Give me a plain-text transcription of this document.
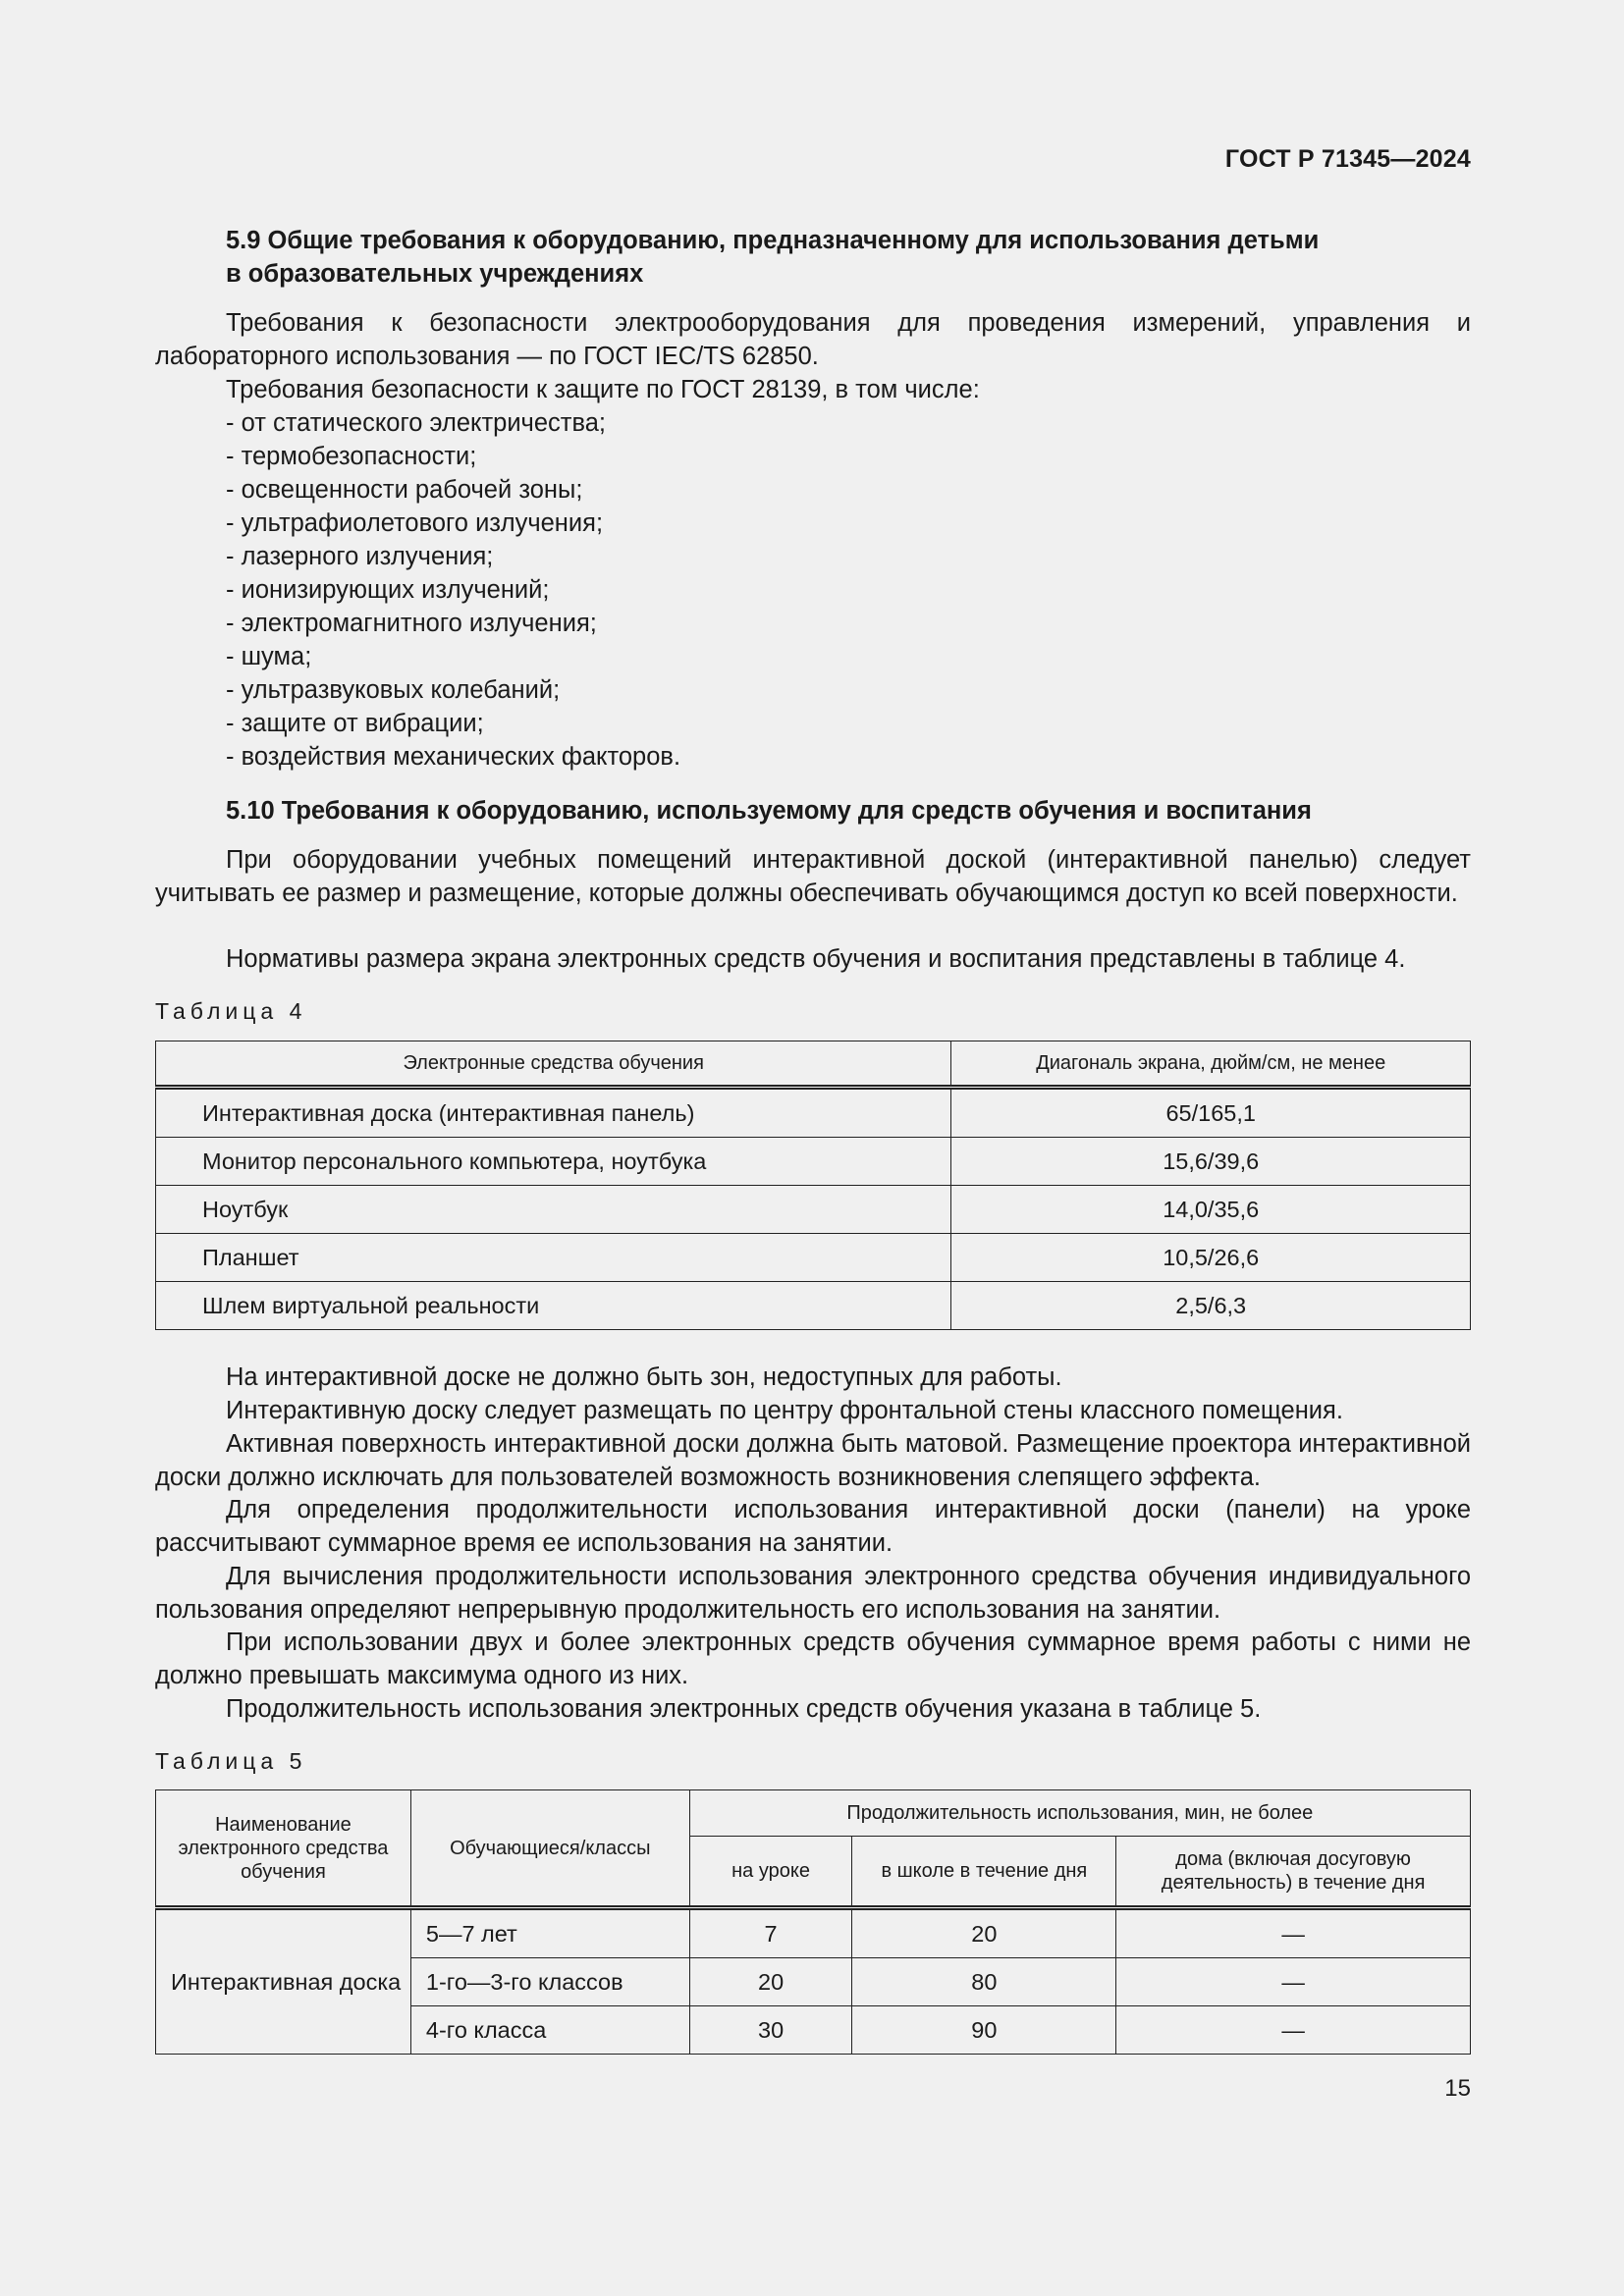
ГОСТ Р 71345—2024
5.9 Общие требования к оборудованию, предназначенному для использования детьми
в образовательных учреждениях
Требования к безопасности электрооборудования для проведения измерений, управления и лабораторного использования — по ГОСТ IEC/TS 62850.
Требования безопасности к защите по ГОСТ 28139, в том числе:
- от статического электричества;
- термобезопасности;
- освещенности рабочей зоны;
- ультрафиолетового излучения;
- лазерного излучения;
- ионизирующих излучений;
- электромагнитного излучения;
- шума;
- ультразвуковых колебаний;
- защите от вибрации;
- воздействия механических факторов.
5.10 Требования к оборудованию, используемому для средств обучения и воспитания
При оборудовании учебных помещений интерактивной доской (интерактивной панелью) следует учитывать ее размер и размещение, которые должны обеспечивать обучающимся доступ ко всей поверхности.
Нормативы размера экрана электронных средств обучения и воспитания представлены в таблице 4.
Таблица 4
Электронные средства обучения	Диагональ экрана, дюйм/см, не менее
Интерактивная доска (интерактивная панель)	65/165,1
Монитор персонального компьютера, ноутбука	15,6/39,6
Ноутбук	14,0/35,6
Планшет	10,5/26,6
Шлем виртуальной реальности	2,5/6,3
На интерактивной доске не должно быть зон, недоступных для работы.
Интерактивную доску следует размещать по центру фронтальной стены классного помещения.
Активная поверхность интерактивной доски должна быть матовой. Размещение проектора интерактивной доски должно исключать для пользователей возможность возникновения слепящего эффекта.
Для определения продолжительности использования интерактивной доски (панели) на уроке рассчитывают суммарное время ее использования на занятии.
Для вычисления продолжительности использования электронного средства обучения индивидуального пользования определяют непрерывную продолжительность его использования на занятии.
При использовании двух и более электронных средств обучения суммарное время работы с ними не должно превышать максимума одного из них.
Продолжительность использования электронных средств обучения указана в таблице 5.
Таблица 5
Наименование электронного средства обучения	Обучающиеся/классы	Продолжительность использования, мин, не более		
		на уроке	в школе в течение дня	дома (включая досуговую деятельность) в течение дня
Интерактивная доска	5—7 лет	7	20	—
	1-го—3-го классов	20	80	—
	4-го класса	30	90	—
15
